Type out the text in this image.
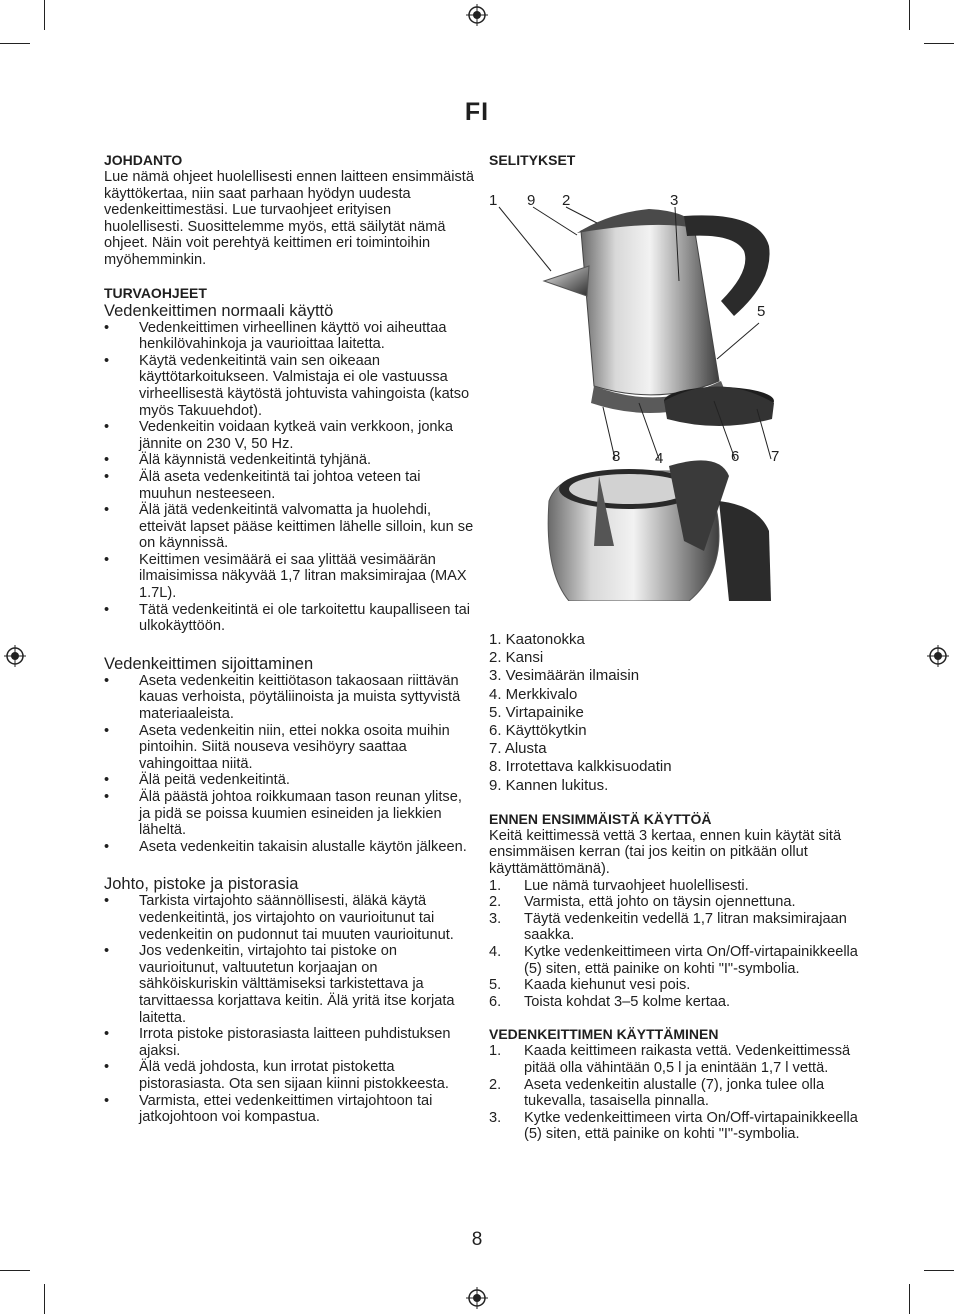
FI
JOHDANTO

Lue nämä ohjeet huolellisesti ennen laitteen ensimmäistä käyttökertaa, niin saat parhaan hyödyn uudesta vedenkeittimestäsi. Lue turvaohjeet erityisen huolellisesti. Suosittelemme myös, että säilytät nämä ohjeet. Näin voit perehtyä keittimen eri toimintoihin myöhemminkin.

TURVAOHJEET
Vedenkeittimen normaali käyttö
• Vedenkeittimen virheellinen käyttö voi aiheuttaa henkilövahinkoja ja vaurioittaa laitetta.
• Käytä vedenkeitintä vain sen oikeaan käyttötarkoitukseen. Valmistaja ei ole vastuussa virheellisestä käytöstä johtuvista vahingoista (katso myös Takuuehdot).
• Vedenkeitin voidaan kytkeä vain verkkoon, jonka jännite on 230 V, 50 Hz.
• Älä käynnistä vedenkeitintä tyhjänä.
• Älä aseta vedenkeitintä tai johtoa veteen tai muuhun nesteeseen.
• Älä jätä vedenkeitintä valvomatta ja huolehdi, etteivät lapset pääse keittimen lähelle silloin, kun se on käynnissä.
• Keittimen vesimäärä ei saa ylittää vesimäärän ilmaisimissa näkyvää 1,7 litran maksimirajaa (MAX 1.7L).
• Tätä vedenkeitintä ei ole tarkoitettu kaupalliseen tai ulkokäyttöön.
Vedenkeittimen sijoittaminen
• Aseta vedenkeitin keittiötason takaosaan riittävän kauas verhoista, pöytäliinoista ja muista syttyvistä materiaaleista.
• Aseta vedenkeitin niin, ettei nokka osoita muihin pintoihin. Siitä nouseva vesihöyry saattaa vahingoittaa niitä.
• Älä peitä vedenkeitintä.
• Älä päästä johtoa roikkumaan tason reunan ylitse, ja pidä se poissa kuumien esineiden ja liekkien läheltä.
• Aseta vedenkeitin takaisin alustalle käytön jälkeen.
Johto, pistoke ja pistorasia
• Tarkista virtajohto säännöllisesti, äläkä käytä vedenkeitintä, jos virtajohto on vaurioitunut tai vedenkeitin on pudonnut tai muuten vaurioitunut.
• Jos vedenkeitin, virtajohto tai pistoke on vaurioitunut, valtuutetun korjaajan on sähköiskuriskin välttämiseksi tarkistettava ja tarvittaessa korjattava keitin. Älä yritä itse korjata laitetta.
• Irrota pistoke pistorasiasta laitteen puhdistuksen ajaksi.
• Älä vedä johdosta, kun irrotat pistoketta pistorasiasta. Ota sen sijaan kiinni pistokkeesta.
• Varmista, ettei vedenkeittimen virtajohtoon tai jatkojohtoon voi kompastua.
SELITYKSET
1 9 2	3
5
8 4	6 7
1. Kaatonokka
2. Kansi
3. Vesimäärän ilmaisin
4. Merkkivalo
5. Virtapainike
6. Käyttökytkin
7. Alusta
8. Irrotettava kalkkisuodatin
9. Kannen lukitus.
ENNEN ENSIMMÄISTÄ KÄYTTÖÄ

Keitä keittimessä vettä 3 kertaa, ennen kuin käytät sitä ensimmäisen kerran (tai jos keitin on pitkään ollut käyttämättömänä).

1. Lue nämä turvaohjeet huolellisesti.
2. Varmista, että johto on täysin ojennettuna.
3. Täytä vedenkeitin vedellä 1,7 litran maksimirajaan saakka.
4. Kytke vedenkeittimeen virta On/Off-virtapainikkeella (5) siten, että painike on kohti "I"-symbolia.
5. Kaada kiehunut vesi pois.
6. Toista kohdat 3–5 kolme kertaa.
VEDENKEITTIMEN KÄYTTÄMINEN
1. Kaada keittimeen raikasta vettä. Vedenkeittimessä pitää olla vähintään 0,5 l ja enintään 1,7 l vettä.
2. Aseta vedenkeitin alustalle (7), jonka tulee olla tukevalla, tasaisella pinnalla.
3. Kytke vedenkeittimeen virta On/Off-virtapainikkeella (5) siten, että painike on kohti "I"-symbolia.
8
